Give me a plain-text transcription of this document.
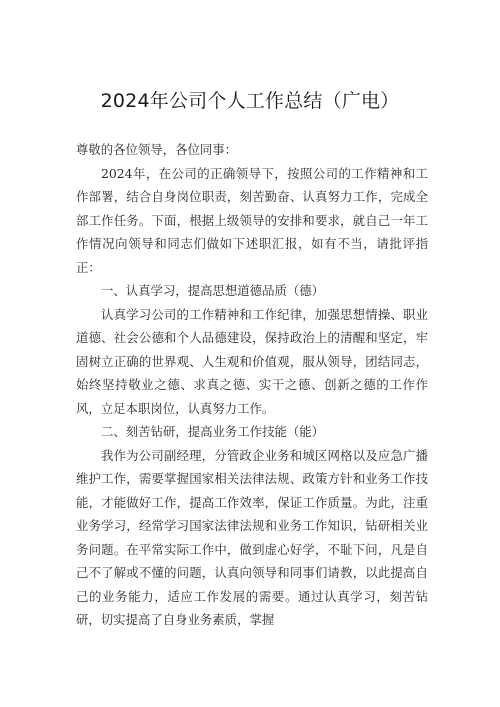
2024年公司个人工作总结（广电）

尊敬的各位领导，各位同事：

2024年，在公司的正确领导下，按照公司的工作精神和工作部署，结合自身岗位职责，刻苦勤奋、认真努力工作，完成全部工作任务。下面，根据上级领导的安排和要求，就自己一年工作情况向领导和同志们做如下述职汇报，如有不当，请批评指正：

一、认真学习，提高思想道德品质（德）

认真学习公司的工作精神和工作纪律，加强思想情操、职业道德、社会公德和个人品德建设，保持政治上的清醒和坚定，牢固树立正确的世界观、人生观和价值观，服从领导，团结同志，始终坚持敬业之德、求真之德、实干之德、创新之德的工作作风，立足本职岗位，认真努力工作。

二、刻苦钻研，提高业务工作技能（能）

我作为公司副经理，分管政企业务和城区网格以及应急广播维护工作，需要掌握国家相关法律法规、政策方针和业务工作技能，才能做好工作，提高工作效率，保证工作质量。为此，注重业务学习，经常学习国家法律法规和业务工作知识，钻研相关业务问题。在平常实际工作中，做到虚心好学，不耻下问，凡是自己不了解或不懂的问题，认真向领导和同事们请教，以此提高自己的业务能力，适应工作发展的需要。通过认真学习，刻苦钻研，切实提高了自身业务素质，掌握
